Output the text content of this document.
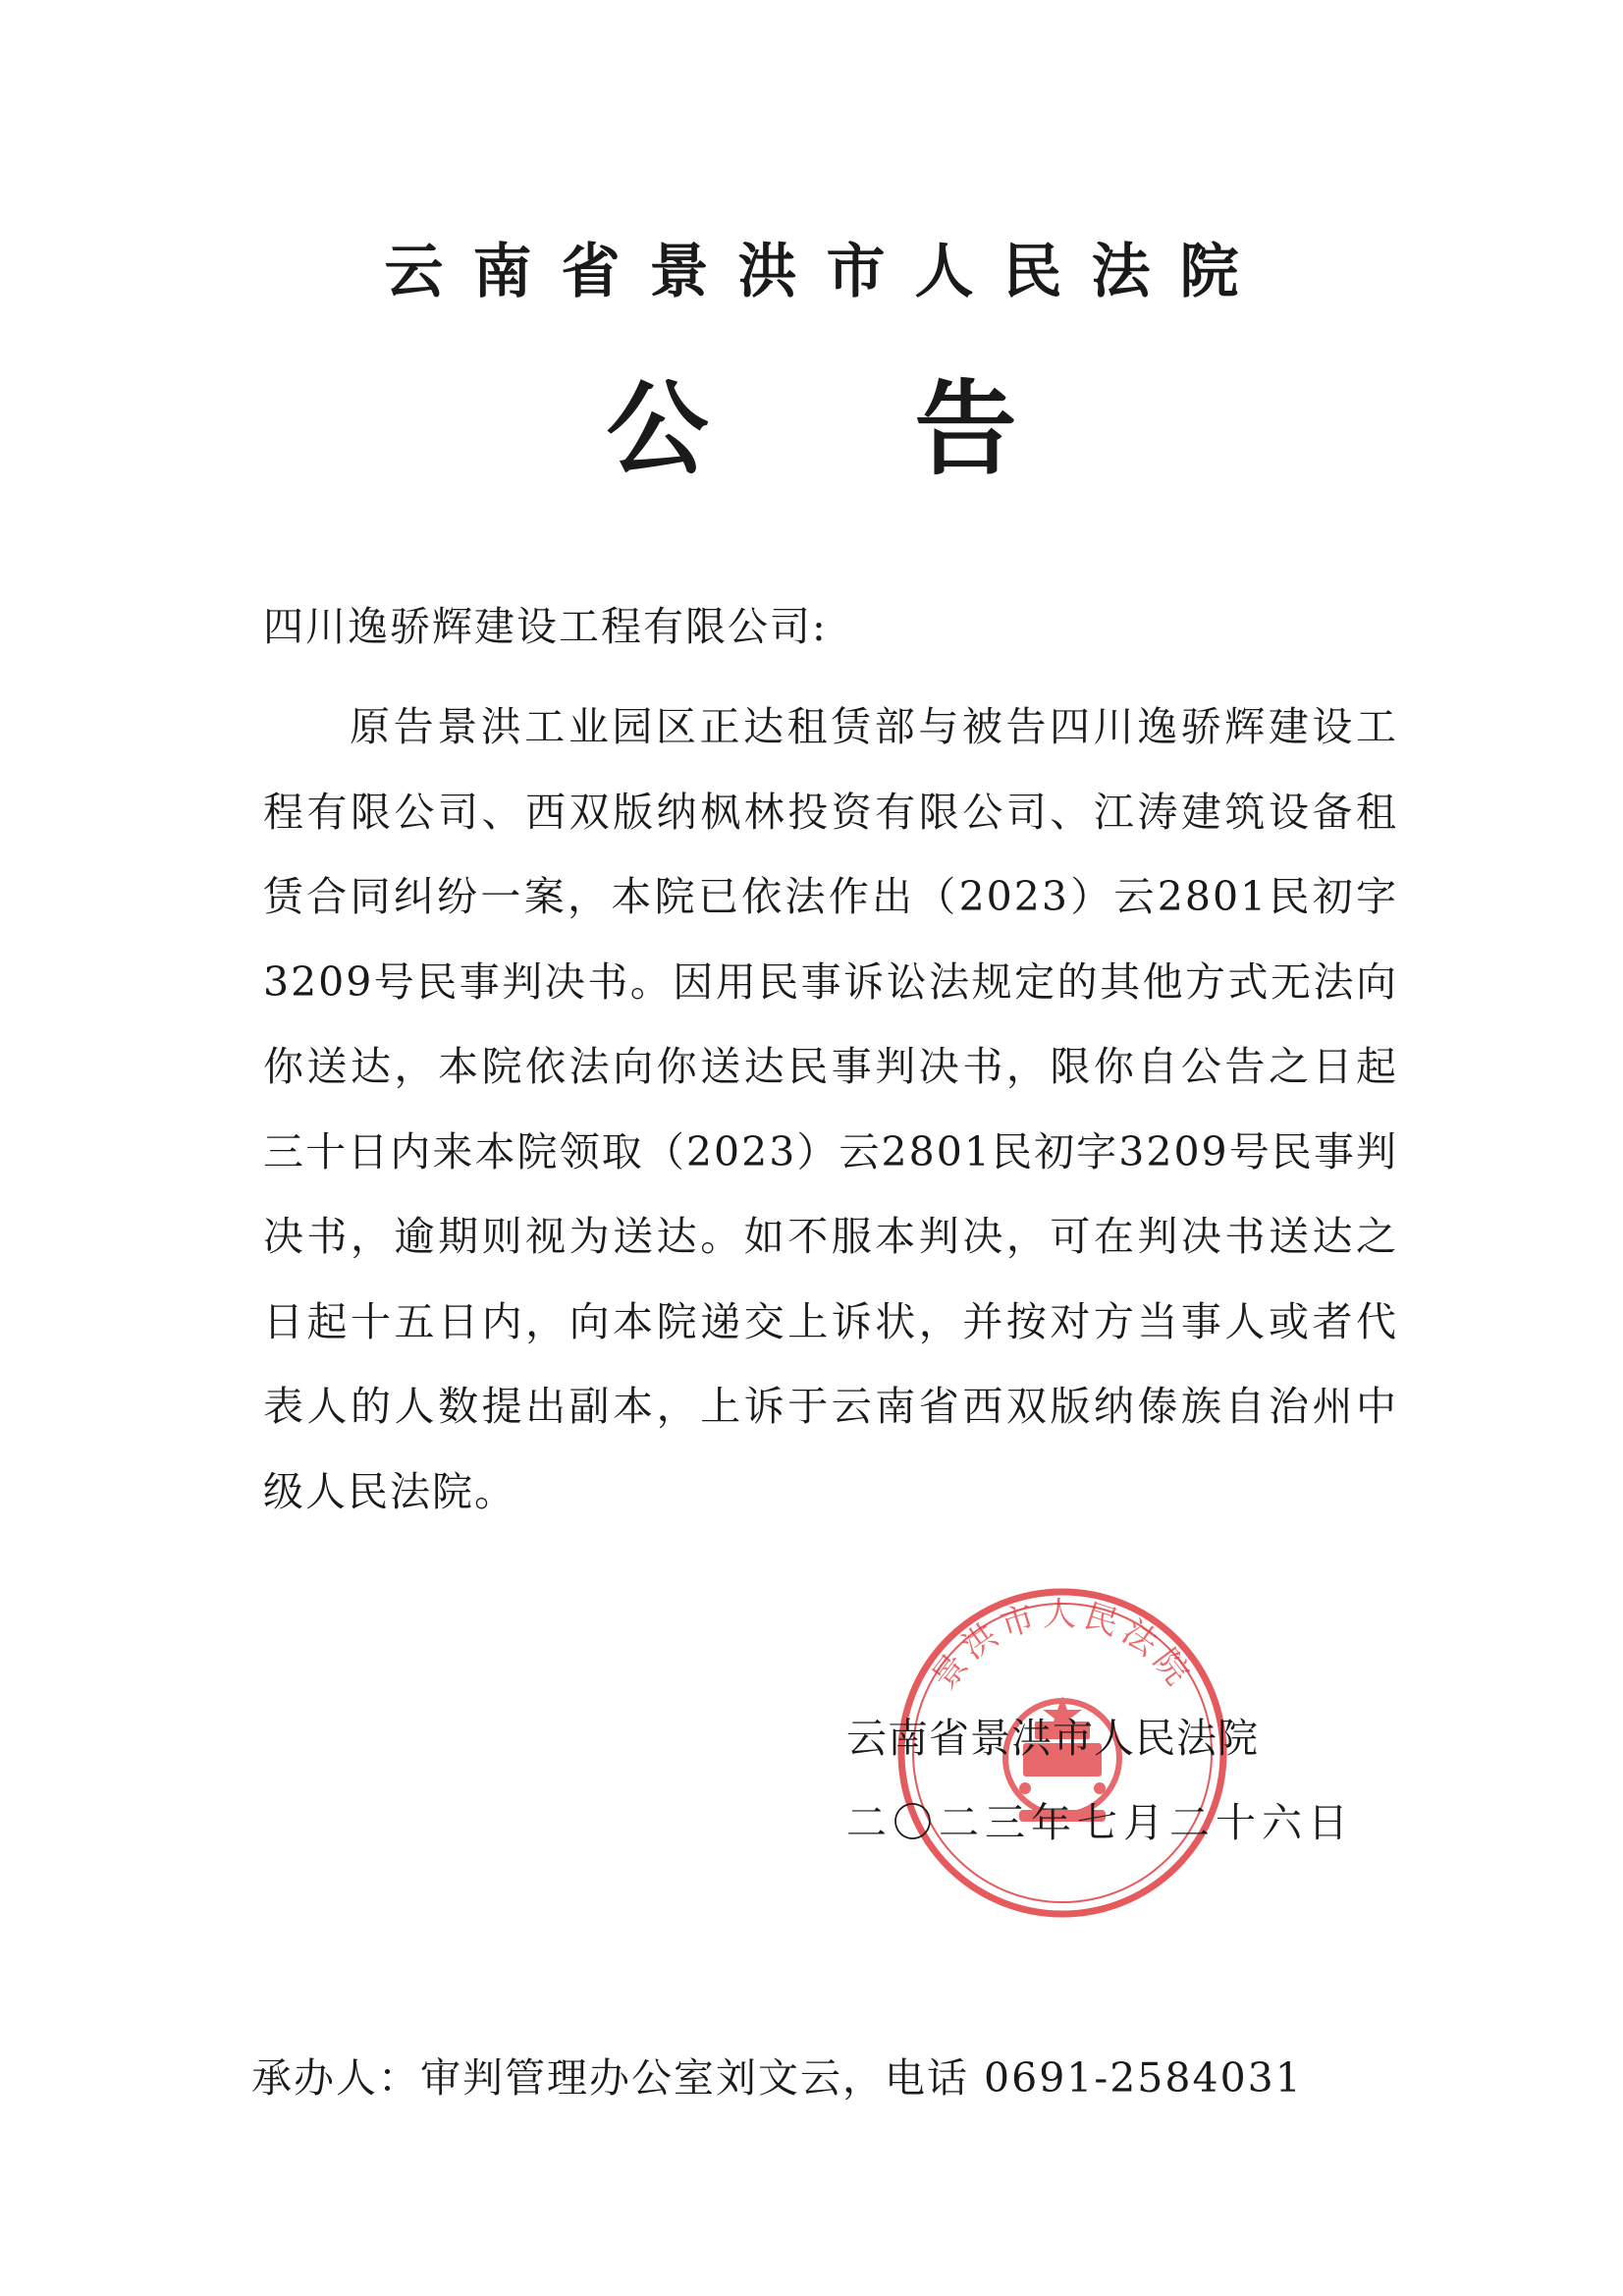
云南省景洪市人民法院
公告
四川逸骄辉建设工程有限公司:

原告景洪工业园区正达租赁部与被告四川逸骄辉建设工程有限公司、西双版纳枫林投资有限公司、江涛建筑设备租赁合同纠纷一案，本院已依法作出（2023）云2801民初字3209号民事判决书。因用民事诉讼法规定的其他方式无法向你送达，本院依法向你送达民事判决书，限你自公告之日起三十日内来本院领取（2023）云2801民初字3209号民事判决书，逾期则视为送达。如不服本判决，可在判决书送达之日起十五日内，向本院递交上诉状，并按对方当事人或者代表人的人数提出副本，上诉于云南省西双版纳傣族自治州中级人民法院。

景洪市人民法院
云南省景洪市人民法院
二〇二三年七月二十六日
承办人：审判管理办公室刘文云，电话 0691-2584031
